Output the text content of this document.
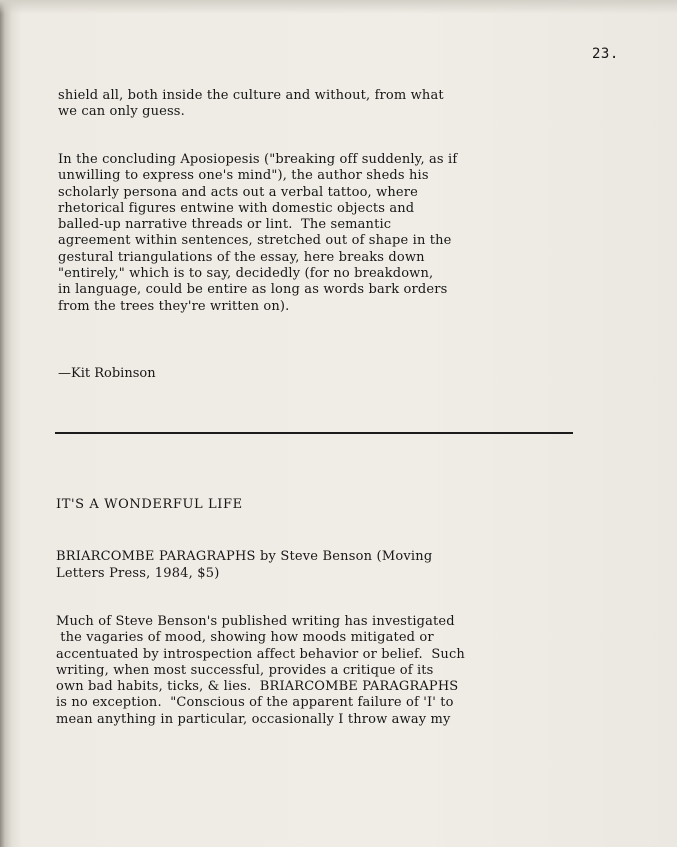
23.
shield all, both inside the culture and without, from what
we can only guess.
In the concluding Aposiopesis ("breaking off suddenly, as if
unwilling to express one's mind"), the author sheds his
scholarly persona and acts out a verbal tattoo, where
rhetorical figures entwine with domestic objects and
balled-up narrative threads or lint.  The semantic
agreement within sentences, stretched out of shape in the
gestural triangulations of the essay, here breaks down
"entirely," which is to say, decidedly (for no breakdown,
in language, could be entire as long as words bark orders
from the trees they're written on).
—Kit Robinson
IT'S A WONDERFUL LIFE
BRIARCOMBE PARAGRAPHS by Steve Benson (Moving
Letters Press, 1984, $5)
Much of Steve Benson's published writing has investigated
the vagaries of mood, showing how moods mitigated or
accentuated by introspection affect behavior or belief.  Such
writing, when most successful, provides a critique of its
own bad habits, ticks, & lies.  BRIARCOMBE PARAGRAPHS
is no exception.  "Conscious of the apparent failure of 'I' to
mean anything in particular, occasionally I throw away my
